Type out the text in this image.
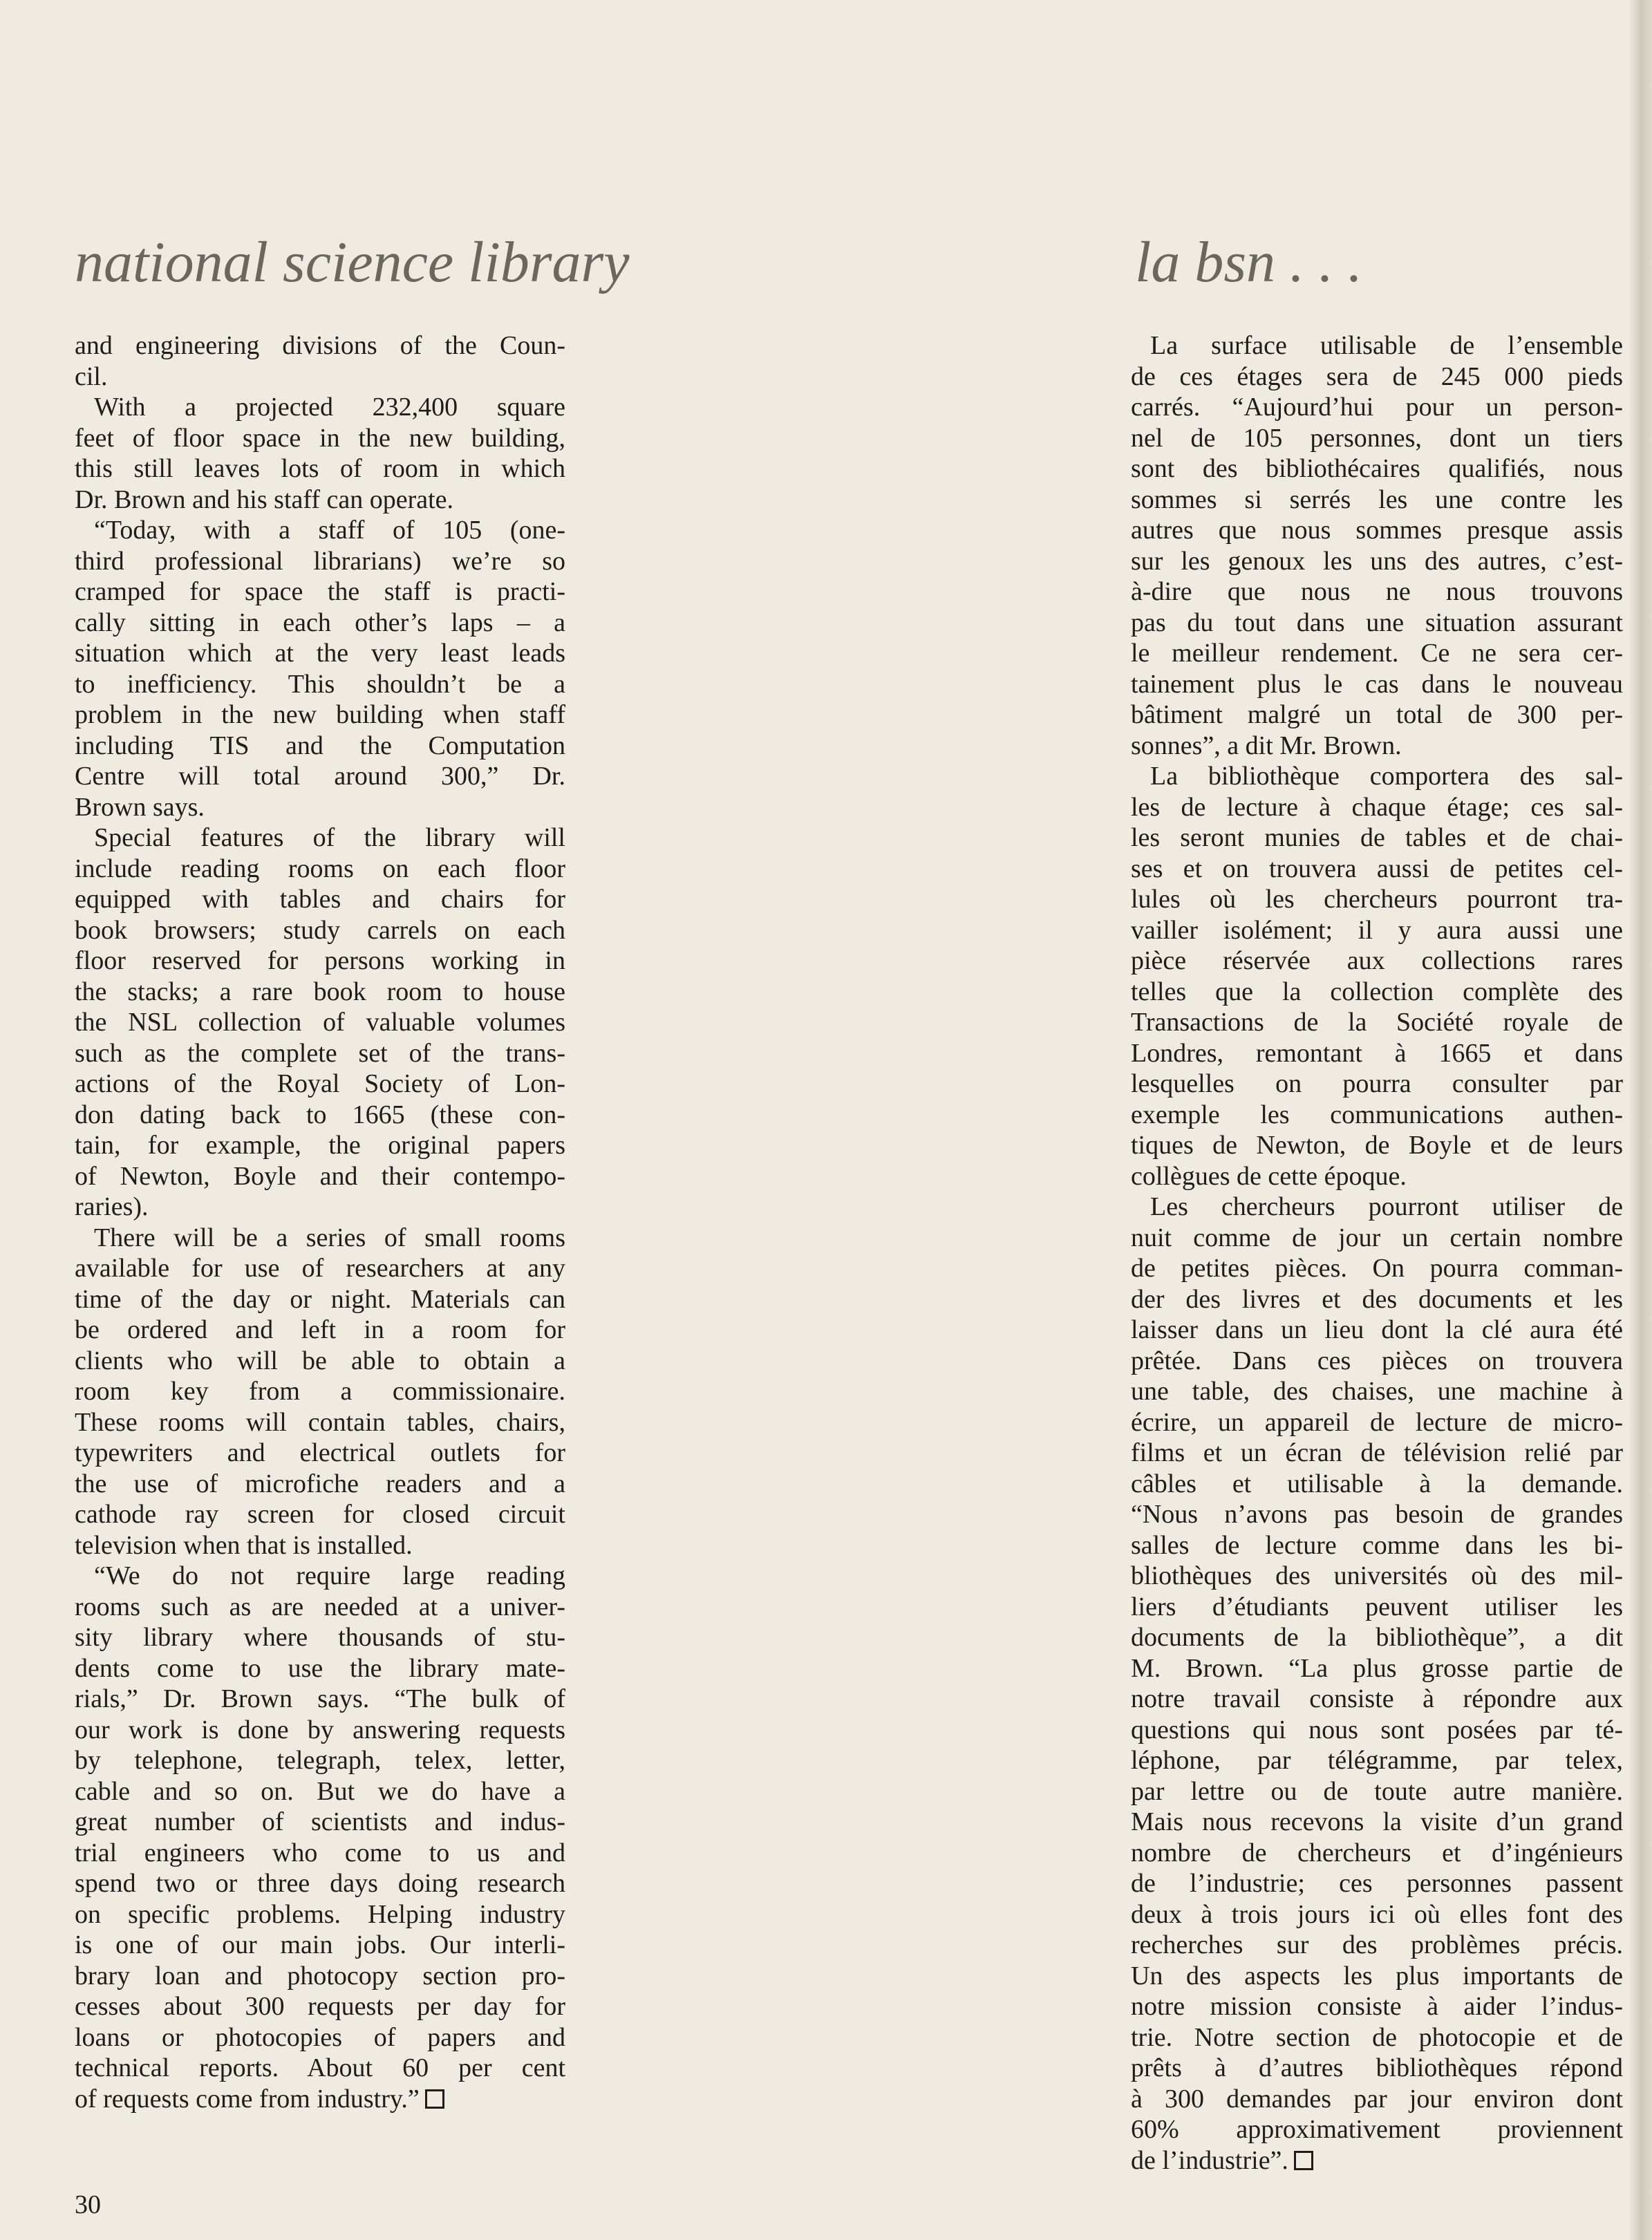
national science library	la bsn . . .
and engineering divisions of the Coun-
cil.
With a projected 232,400 square
feet of floor space in the new building,
this still leaves lots of room in which
Dr. Brown and his staff can operate.
“Today, with a staff of 105 (one-
third professional librarians) we’re so
cramped for space the staff is practi-
cally sitting in each other’s laps – a
situation which at the very least leads
to inefficiency. This shouldn’t be a
problem in the new building when staff
including TIS and the Computation
Centre will total around 300,” Dr.
Brown says.
Special features of the library will
include reading rooms on each floor
equipped with tables and chairs for
book browsers; study carrels on each
floor reserved for persons working in
the stacks; a rare book room to house
the NSL collection of valuable volumes
such as the complete set of the trans-
actions of the Royal Society of Lon-
don dating back to 1665 (these con-
tain, for example, the original papers
of Newton, Boyle and their contempo-
raries).
There will be a series of small rooms
available for use of researchers at any
time of the day or night. Materials can
be ordered and left in a room for
clients who will be able to obtain a
room key from a commissionaire.
These rooms will contain tables, chairs,
typewriters and electrical outlets for
the use of microfiche readers and a
cathode ray screen for closed circuit
television when that is installed.
“We do not require large reading
rooms such as are needed at a univer-
sity library where thousands of stu-
dents come to use the library mate-
rials,” Dr. Brown says. “The bulk of
our work is done by answering requests
by telephone, telegraph, telex, letter,
cable and so on. But we do have a
great number of scientists and indus-
trial engineers who come to us and
spend two or three days doing research
on specific problems. Helping industry
is one of our main jobs. Our interli-
brary loan and photocopy section pro-
cesses about 300 requests per day for
loans or photocopies of papers and
technical reports. About 60 per cent
of requests come from industry.”
La surface utilisable de l’ensemble
de ces étages sera de 245 000 pieds
carrés. “Aujourd’hui pour un person-
nel de 105 personnes, dont un tiers
sont des bibliothécaires qualifiés, nous
sommes si serrés les une contre les
autres que nous sommes presque assis
sur les genoux les uns des autres, c’est-
à-dire que nous ne nous trouvons
pas du tout dans une situation assurant
le meilleur rendement. Ce ne sera cer-
tainement plus le cas dans le nouveau
bâtiment malgré un total de 300 per-
sonnes”, a dit Mr. Brown.
La bibliothèque comportera des sal-
les de lecture à chaque étage; ces sal-
les seront munies de tables et de chai-
ses et on trouvera aussi de petites cel-
lules où les chercheurs pourront tra-
vailler isolément; il y aura aussi une
pièce réservée aux collections rares
telles que la collection complète des
Transactions de la Société royale de
Londres, remontant à 1665 et dans
lesquelles on pourra consulter par
exemple les communications authen-
tiques de Newton, de Boyle et de leurs
collègues de cette époque.
Les chercheurs pourront utiliser de
nuit comme de jour un certain nombre
de petites pièces. On pourra comman-
der des livres et des documents et les
laisser dans un lieu dont la clé aura été
prêtée. Dans ces pièces on trouvera
une table, des chaises, une machine à
écrire, un appareil de lecture de micro-
films et un écran de télévision relié par
câbles et utilisable à la demande.
“Nous n’avons pas besoin de grandes
salles de lecture comme dans les bi-
bliothèques des universités où des mil-
liers d’étudiants peuvent utiliser les
documents de la bibliothèque”, a dit
M. Brown. “La plus grosse partie de
notre travail consiste à répondre aux
questions qui nous sont posées par té-
léphone, par télégramme, par telex,
par lettre ou de toute autre manière.
Mais nous recevons la visite d’un grand
nombre de chercheurs et d’ingénieurs
de l’industrie; ces personnes passent
deux à trois jours ici où elles font des
recherches sur des problèmes précis.
Un des aspects les plus importants de
notre mission consiste à aider l’indus-
trie. Notre section de photocopie et de
prêts à d’autres bibliothèques répond
à 300 demandes par jour environ dont
60% approximativement proviennent
de l’industrie”.

30
